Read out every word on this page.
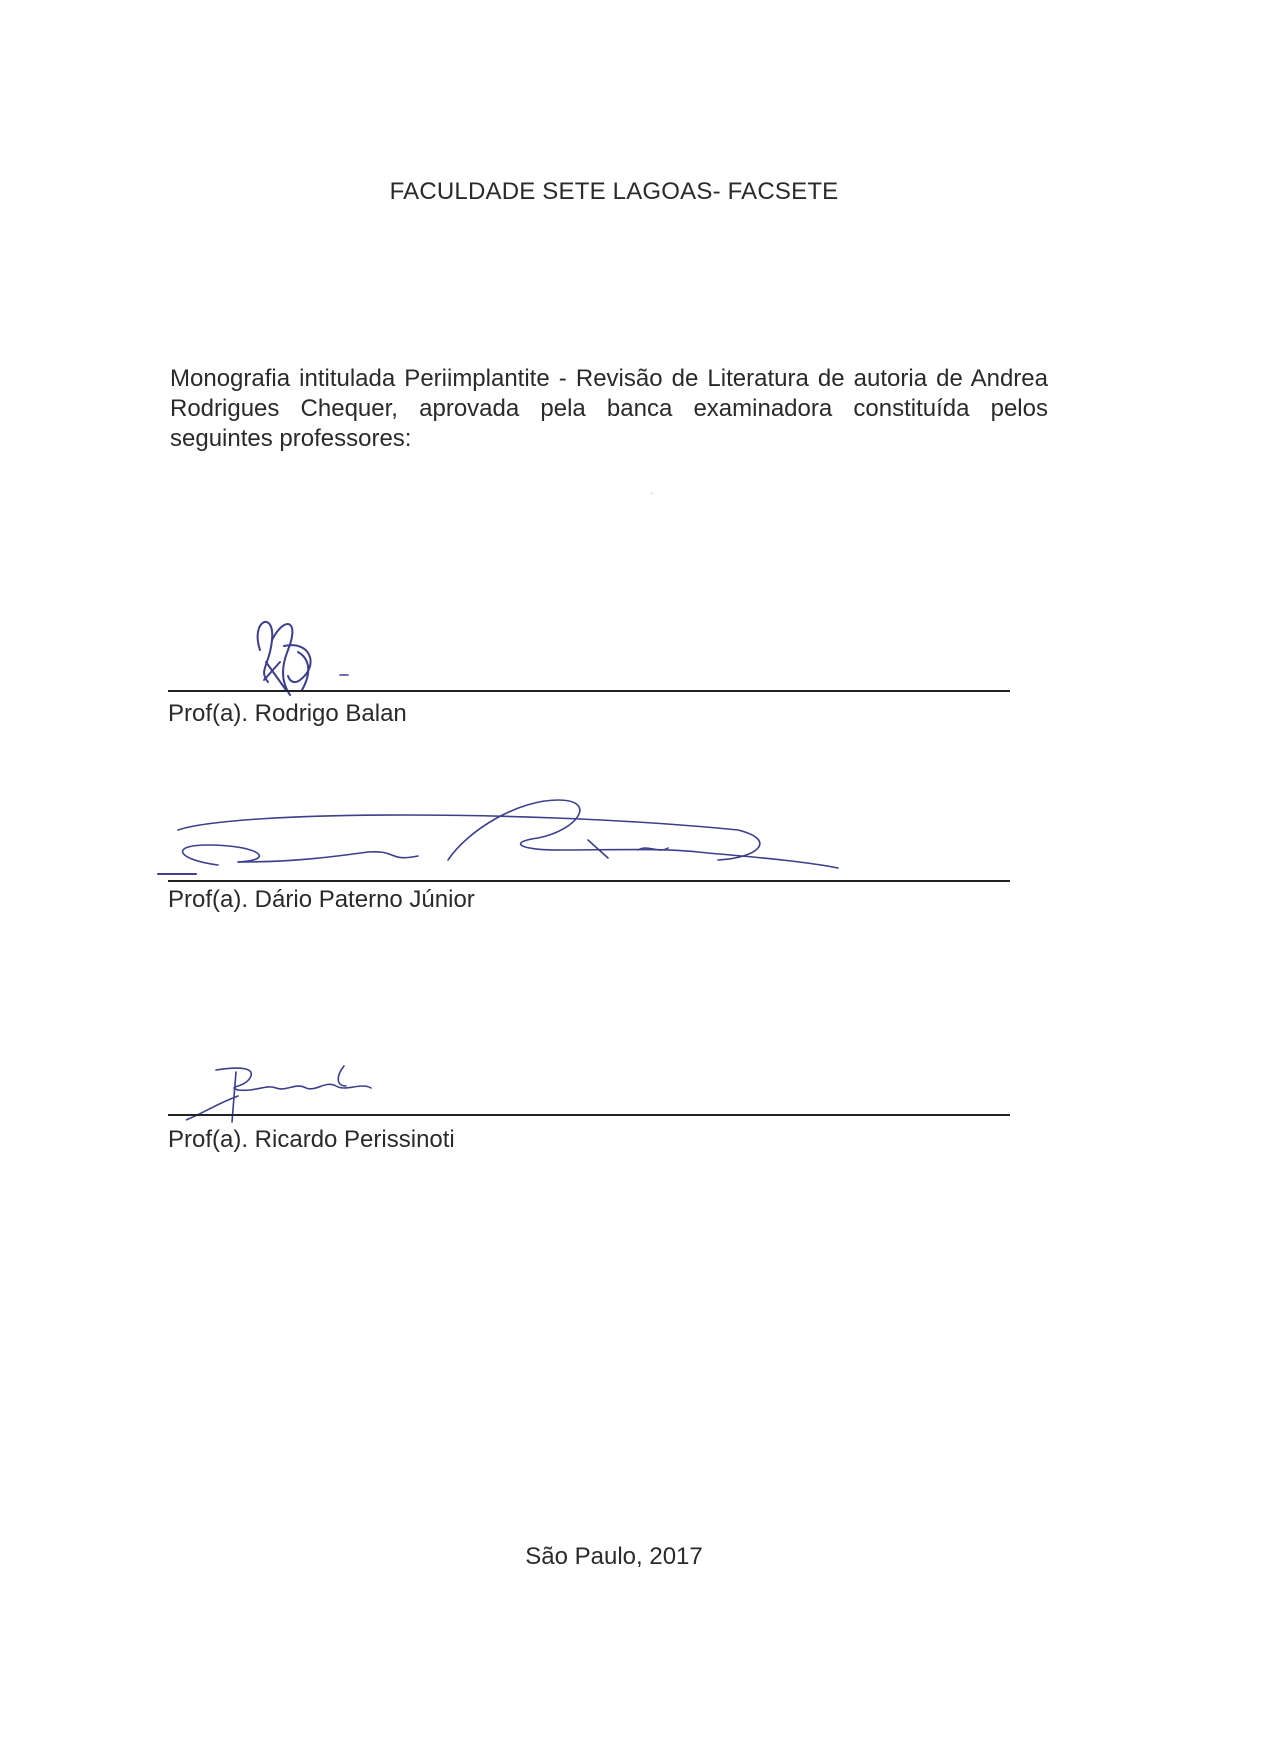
FACULDADE SETE LAGOAS- FACSETE
Monografia intitulada Periimplantite - Revisão de Literatura de autoria de Andrea Rodrigues Chequer, aprovada pela banca examinadora constituída pelos seguintes professores:
·
Prof(a). Rodrigo Balan
Prof(a). Dário Paterno Júnior
Prof(a). Ricardo Perissinoti
São Paulo, 2017
